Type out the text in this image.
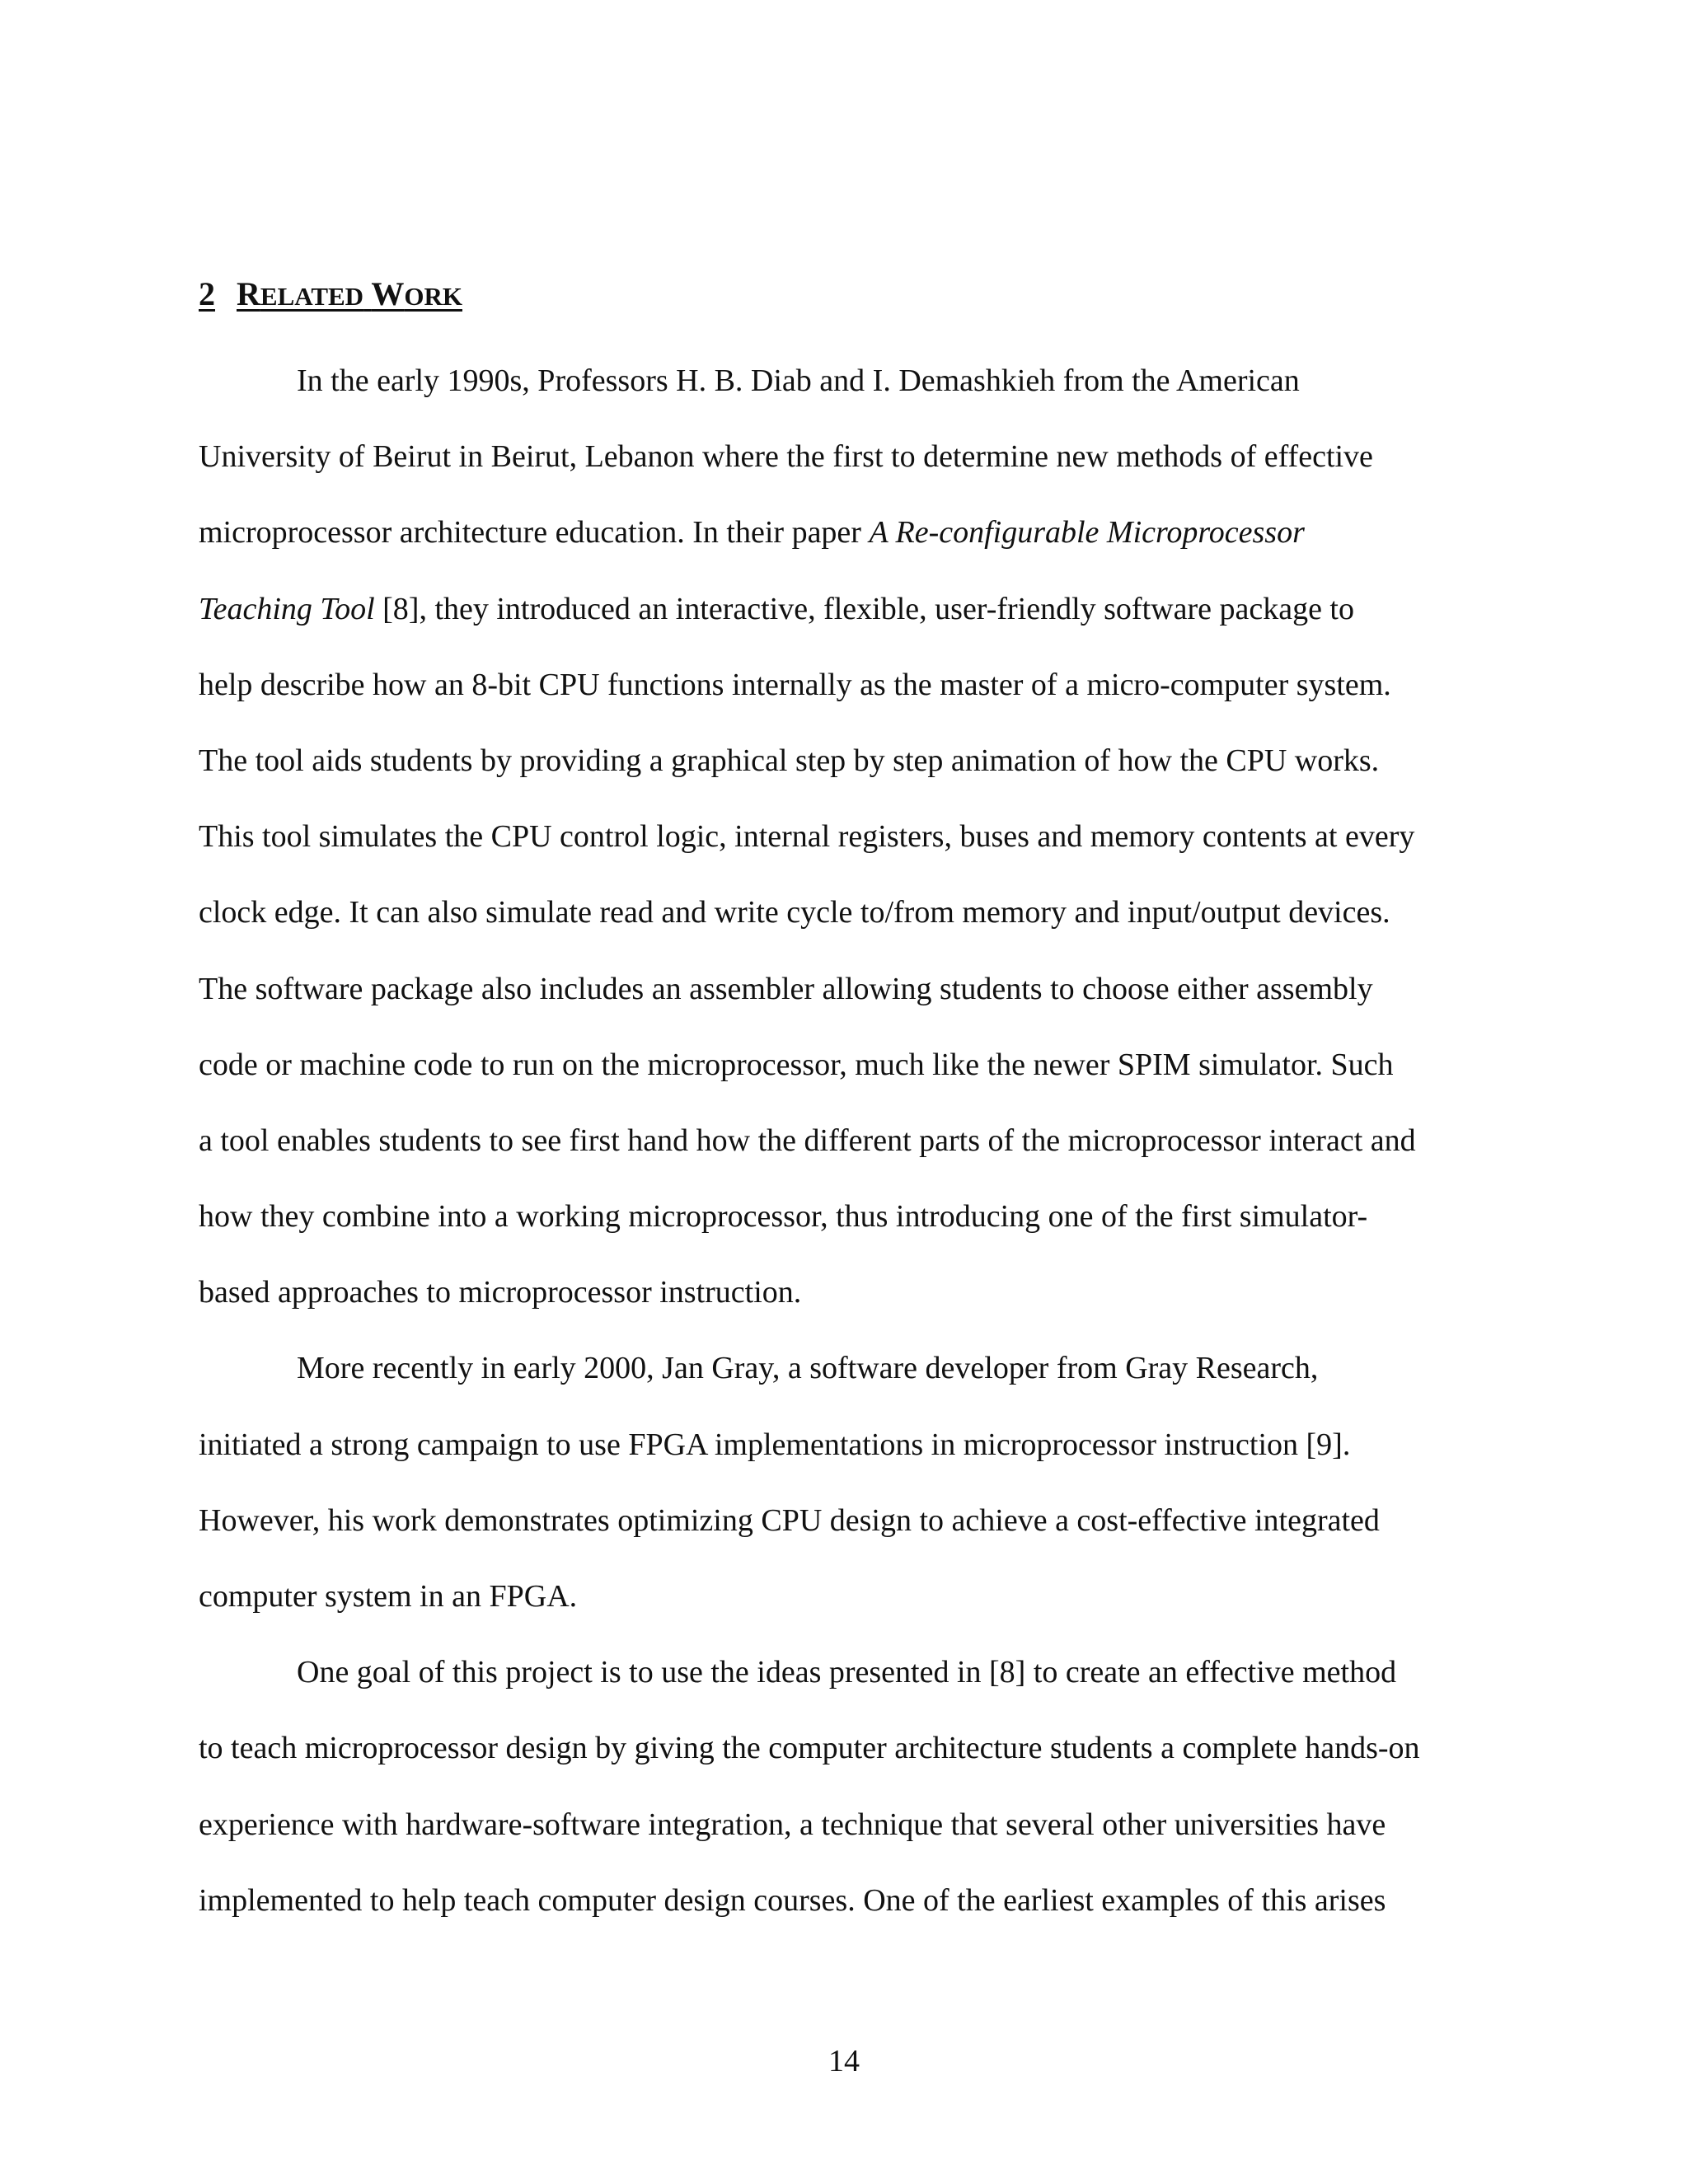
2 RELATED WORK
In the early 1990s, Professors H. B. Diab and I. Demashkieh from the American
University of Beirut in Beirut, Lebanon where the first to determine new methods of effective
microprocessor architecture education. In their paper A Re-configurable Microprocessor
Teaching Tool [8], they introduced an interactive, flexible, user-friendly software package to
help describe how an 8-bit CPU functions internally as the master of a micro-computer system.
The tool aids students by providing a graphical step by step animation of how the CPU works.
This tool simulates the CPU control logic, internal registers, buses and memory contents at every
clock edge. It can also simulate read and write cycle to/from memory and input/output devices.
The software package also includes an assembler allowing students to choose either assembly
code or machine code to run on the microprocessor, much like the newer SPIM simulator. Such
a tool enables students to see first hand how the different parts of the microprocessor interact and
how they combine into a working microprocessor, thus introducing one of the first simulator-
based approaches to microprocessor instruction.
More recently in early 2000, Jan Gray, a software developer from Gray Research,
initiated a strong campaign to use FPGA implementations in microprocessor instruction [9].
However, his work demonstrates optimizing CPU design to achieve a cost-effective integrated
computer system in an FPGA.
One goal of this project is to use the ideas presented in [8] to create an effective method
to teach microprocessor design by giving the computer architecture students a complete hands-on
experience with hardware-software integration, a technique that several other universities have
implemented to help teach computer design courses. One of the earliest examples of this arises
14
